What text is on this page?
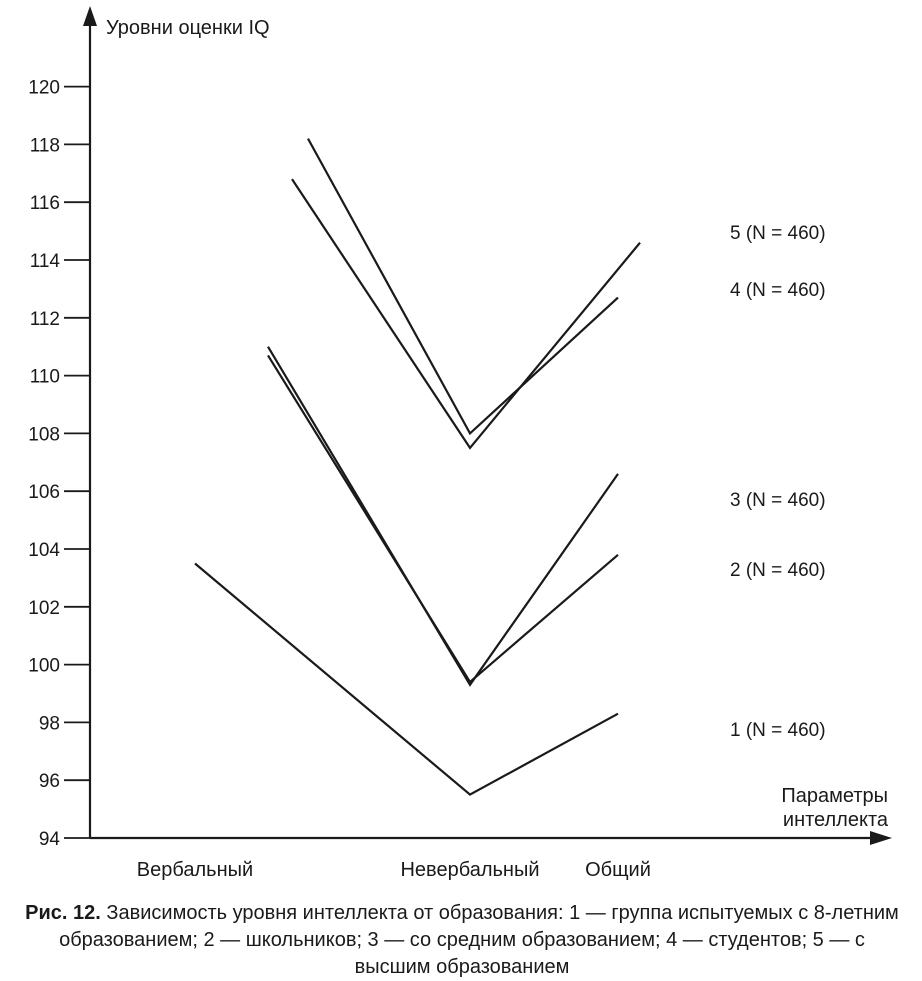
94
96
98
100
102
104
106
108
110
112
114
116
118
120
Уровни оценки IQ
Параметры
интеллекта
Вербальный	Невербальный Общий
1 (N = 460)
2 (N = 460)
3 (N = 460)
4 (N = 460)
5 (N = 460)
Рис. 12. Зависимость уровня интеллекта от образования: 1 — группа испытуемых с 8-летним образованием; 2 — школьников; 3 — со средним образованием; 4 — студентов; 5 — с высшим образованием
